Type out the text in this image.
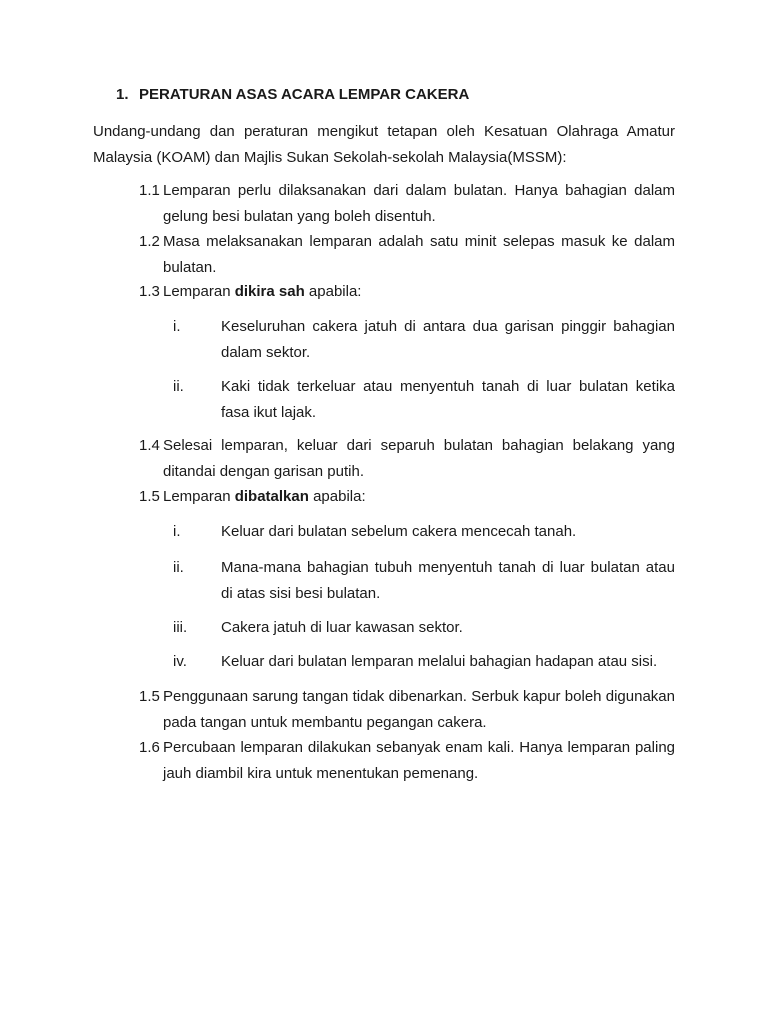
1. PERATURAN ASAS ACARA LEMPAR CAKERA
Undang-undang dan peraturan mengikut tetapan oleh Kesatuan Olahraga Amatur Malaysia (KOAM) dan Majlis Sukan Sekolah-sekolah Malaysia(MSSM):
1.1 Lemparan perlu dilaksanakan dari dalam bulatan. Hanya bahagian dalam gelung besi bulatan yang boleh disentuh.
1.2 Masa melaksanakan lemparan adalah satu minit selepas masuk ke dalam bulatan.
1.3 Lemparan dikira sah apabila:
i.	Keseluruhan cakera jatuh di antara dua garisan pinggir bahagian dalam sektor.
ii. Kaki tidak terkeluar atau menyentuh tanah di luar bulatan ketika fasa ikut lajak.
1.4 Selesai lemparan, keluar dari separuh bulatan bahagian belakang yang ditandai dengan garisan putih.
1.5 Lemparan dibatalkan apabila:
i.	Keluar dari bulatan sebelum cakera mencecah tanah.
ii. Mana-mana bahagian tubuh menyentuh tanah di luar bulatan atau di atas sisi besi bulatan.
iii. Cakera jatuh di luar kawasan sektor.
iv. Keluar dari bulatan lemparan melalui bahagian hadapan atau sisi.
1.5 Penggunaan sarung tangan tidak dibenarkan. Serbuk kapur boleh digunakan pada tangan untuk membantu pegangan cakera.
1.6 Percubaan lemparan dilakukan sebanyak enam kali. Hanya lemparan paling jauh diambil kira untuk menentukan pemenang.
